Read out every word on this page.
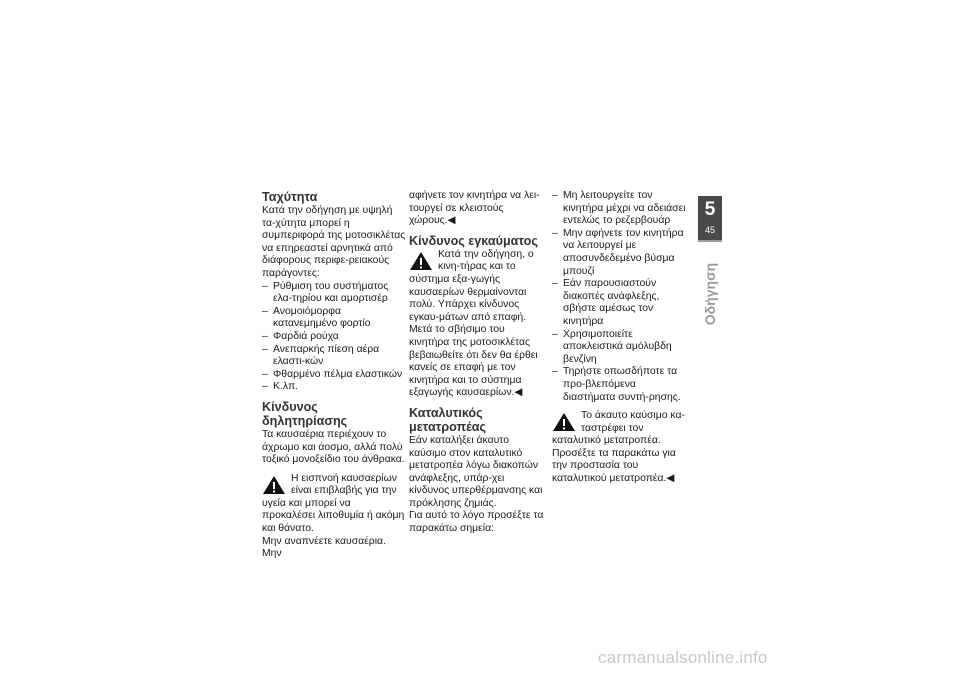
Ταχύτητα

Κατά την οδήγηση με υψηλή τα-χύτητα μπορεί η συμπεριφορά της μοτοσικλέτας να επηρεαστεί αρνητικά από διάφορους περιφε-ρειακούς παράγοντες:

– Ρύθμιση του συστήματος ελα-τηρίου και αμορτισέρ
– Ανομοιόμορφα κατανεμημένο φορτίο
– Φαρδιά ρούχα
– Ανεπαρκής πίεση αέρα ελαστι-κών
– Φθαρμένο πέλμα ελαστικών
– Κ.λπ.
Κίνδυνος δηλητηρίασης

Τα καυσαέρια περιέχουν το άχρωμο και άοσμο, αλλά πολύ τοξικό μονοξείδιο του άνθρακα.

Η εισπνοή καυσαερίων είναι επιβλαβής για την υγεία και μπορεί να προκαλέσει λιποθυμία ή ακόμη και θάνατο.

Μην αναπνέετε καυσαέρια. Μην

αφήνετε τον κινητήρα να λει-τουργεί σε κλειστούς χώρους.◀

Κίνδυνος εγκαύματος

Κατά την οδήγηση, ο κινη-τήρας και το σύστημα εξα-γωγής καυσαερίων θερμαίνονται πολύ. Υπάρχει κίνδυνος εγκαυ-μάτων από επαφή.

Μετά το σβήσιμο του κινητήρα της μοτοσικλέτας βεβαιωθείτε ότι δεν θα έρθει κανείς σε επαφή με τον κινητήρα και το σύστημα εξαγωγής καυσαερίων.◀

Καταλυτικός μετατροπέας

Εάν καταλήξει άκαυτο καύσιμο στον καταλυτικό μετατροπέα λόγω διακοπών ανάφλεξης, υπάρ-χει κίνδυνος υπερθέρμανσης και πρόκλησης ζημιάς.

Για αυτό το λόγο προσέξτε τα παρακάτω σημεία:

– Μη λειτουργείτε τον κινητήρα μέχρι να αδειάσει εντελώς το ρεζερβουάρ
– Μην αφήνετε τον κινητήρα να λειτουργεί με αποσυνδεδεμένο βύσμα μπουζί
– Εάν παρουσιαστούν διακοπές ανάφλεξης, σβήστε αμέσως τον κινητήρα
– Χρησιμοποιείτε αποκλειστικά αμόλυβδη βενζίνη
– Τηρήστε οπωσδήποτε τα προ-βλεπόμενα διαστήματα συντή-ρησης.

Το άκαυτο καύσιμο κα-ταστρέφει τον καταλυτικό μετατροπέα.

Προσέξτε τα παρακάτω για την προστασία του καταλυτικού μετατροπέα.◀

5
45
Οδήγηση
carmanualsonline.info
